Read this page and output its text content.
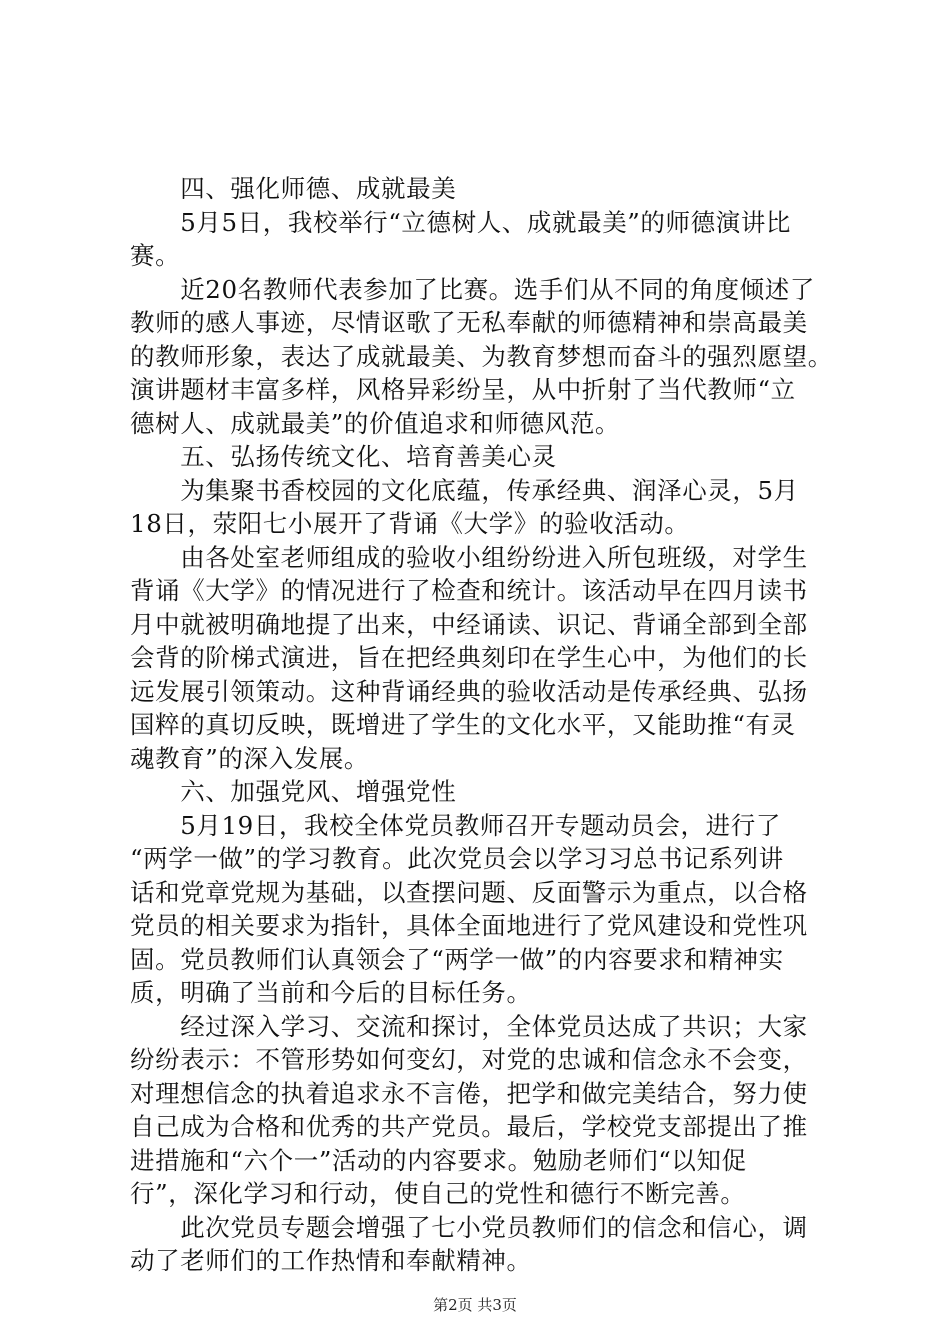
　　四、强化师德、成就最美
　　5月5日，我校举行“立德树人、成就最美”的师德演讲比
赛。
　　近20名教师代表参加了比赛。选手们从不同的角度倾述了
教师的感人事迹，尽情讴歌了无私奉献的师德精神和崇高最美
的教师形象，表达了成就最美、为教育梦想而奋斗的强烈愿望。
演讲题材丰富多样，风格异彩纷呈，从中折射了当代教师“立
德树人、成就最美”的价值追求和师德风范。
　　五、弘扬传统文化、培育善美心灵
　　为集聚书香校园的文化底蕴，传承经典、润泽心灵，5月
18日，荥阳七小展开了背诵《大学》的验收活动。
　　由各处室老师组成的验收小组纷纷进入所包班级，对学生
背诵《大学》的情况进行了检查和统计。该活动早在四月读书
月中就被明确地提了出来，中经诵读、识记、背诵全部到全部
会背的阶梯式演进，旨在把经典刻印在学生心中，为他们的长
远发展引领策动。这种背诵经典的验收活动是传承经典、弘扬
国粹的真切反映，既增进了学生的文化水平，又能助推“有灵
魂教育”的深入发展。
　　六、加强党风、增强党性
　　5月19日，我校全体党员教师召开专题动员会，进行了
“两学一做”的学习教育。此次党员会以学习习总书记系列讲
话和党章党规为基础，以查摆问题、反面警示为重点，以合格
党员的相关要求为指针，具体全面地进行了党风建设和党性巩
固。党员教师们认真领会了“两学一做”的内容要求和精神实
质，明确了当前和今后的目标任务。
　　经过深入学习、交流和探讨，全体党员达成了共识；大家
纷纷表示：不管形势如何变幻，对党的忠诚和信念永不会变，
对理想信念的执着追求永不言倦，把学和做完美结合，努力使
自己成为合格和优秀的共产党员。最后，学校党支部提出了推
进措施和“六个一”活动的内容要求。勉励老师们“以知促
行”，深化学习和行动，使自己的党性和德行不断完善。
　　此次党员专题会增强了七小党员教师们的信念和信心，调
动了老师们的工作热情和奉献精神。
第2页 共3页
